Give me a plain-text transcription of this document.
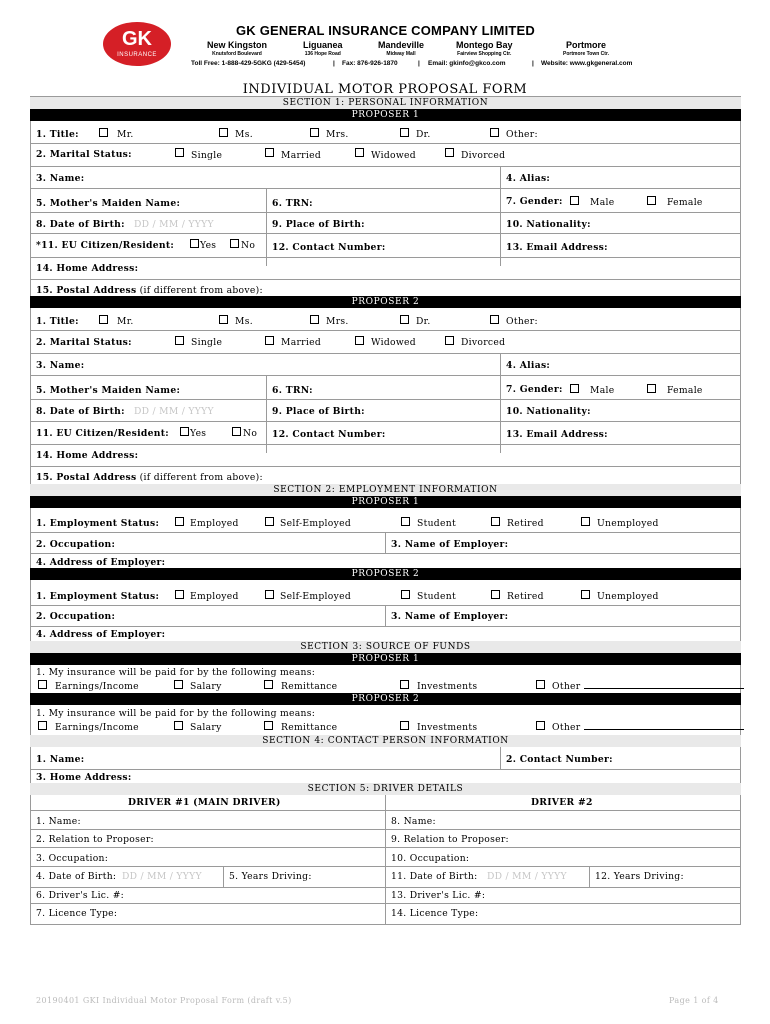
GK
INSURANCE
GK GENERAL INSURANCE COMPANY LIMITED
New Kingston
Knutsford Boulevard
Liguanea
136 Hope Road
Mandeville
Midway Mall
Montego Bay
Fairview Shopping Ctr.
Portmore
Portmore Town Ctr.
Toll Free: 1-888-429-5GKG (429-5454)	| Fax: 876-926-1870	| Email: gkinfo@gkco.com	| Website: www.gkgeneral.com
INDIVIDUAL MOTOR PROPOSAL FORM
SECTION 1: PERSONAL INFORMATION
PROPOSER 1
1. Title:	Mr.	Ms.	Mrs.	Dr.	Other:
2. Marital Status:	Single	Married	Widowed	Divorced
3. Name:	4. Alias:
5. Mother's Maiden Name:	6. TRN:	7. Gender:	Male	Female
8. Date of Birth: DD / MM / YYYY	9. Place of Birth:	10. Nationality:
*11. EU Citizen/Resident:	Yes	No 12. Contact Number:	13. Email Address:
14. Home Address:
15. Postal Address (if different from above):
PROPOSER 2
1. Title:	Mr.	Ms.	Mrs.	Dr.	Other:
2. Marital Status:	Single	Married	Widowed	Divorced
3. Name:	4. Alias:
5. Mother's Maiden Name:	6. TRN:	7. Gender:	Male	Female
8. Date of Birth: DD / MM / YYYY	9. Place of Birth:	10. Nationality:
11. EU Citizen/Resident: Yes	No 12. Contact Number:	13. Email Address:
14. Home Address:
15. Postal Address (if different from above):
SECTION 2: EMPLOYMENT INFORMATION
PROPOSER 1
1. Employment Status:	Employed	Self-Employed	Student	Retired	Unemployed
2. Occupation:	3. Name of Employer:
4. Address of Employer:
PROPOSER 2
1. Employment Status:	Employed	Self-Employed	Student	Retired	Unemployed
2. Occupation:	3. Name of Employer:
4. Address of Employer:
SECTION 3: SOURCE OF FUNDS
PROPOSER 1
1. My insurance will be paid for by the following means:
Earnings/Income	Salary	Remittance	Investments	Other
PROPOSER 2
1. My insurance will be paid for by the following means:
Earnings/Income	Salary	Remittance	Investments	Other
SECTION 4: CONTACT PERSON INFORMATION
1. Name:	2. Contact Number:
3. Home Address:
SECTION 5: DRIVER DETAILS
DRIVER #1 (MAIN DRIVER)	DRIVER #2
1. Name:	8. Name:
2. Relation to Proposer:	9. Relation to Proposer:
3. Occupation:	10. Occupation:
4. Date of Birth: DD / MM / YYYY	5. Years Driving:	11. Date of Birth: DD / MM / YYYY	12. Years Driving:
6. Driver's Lic. #:	13. Driver's Lic. #:
7. Licence Type:	14. Licence Type:
20190401 GKI Individual Motor Proposal Form (draft v.5)	Page 1 of 4
